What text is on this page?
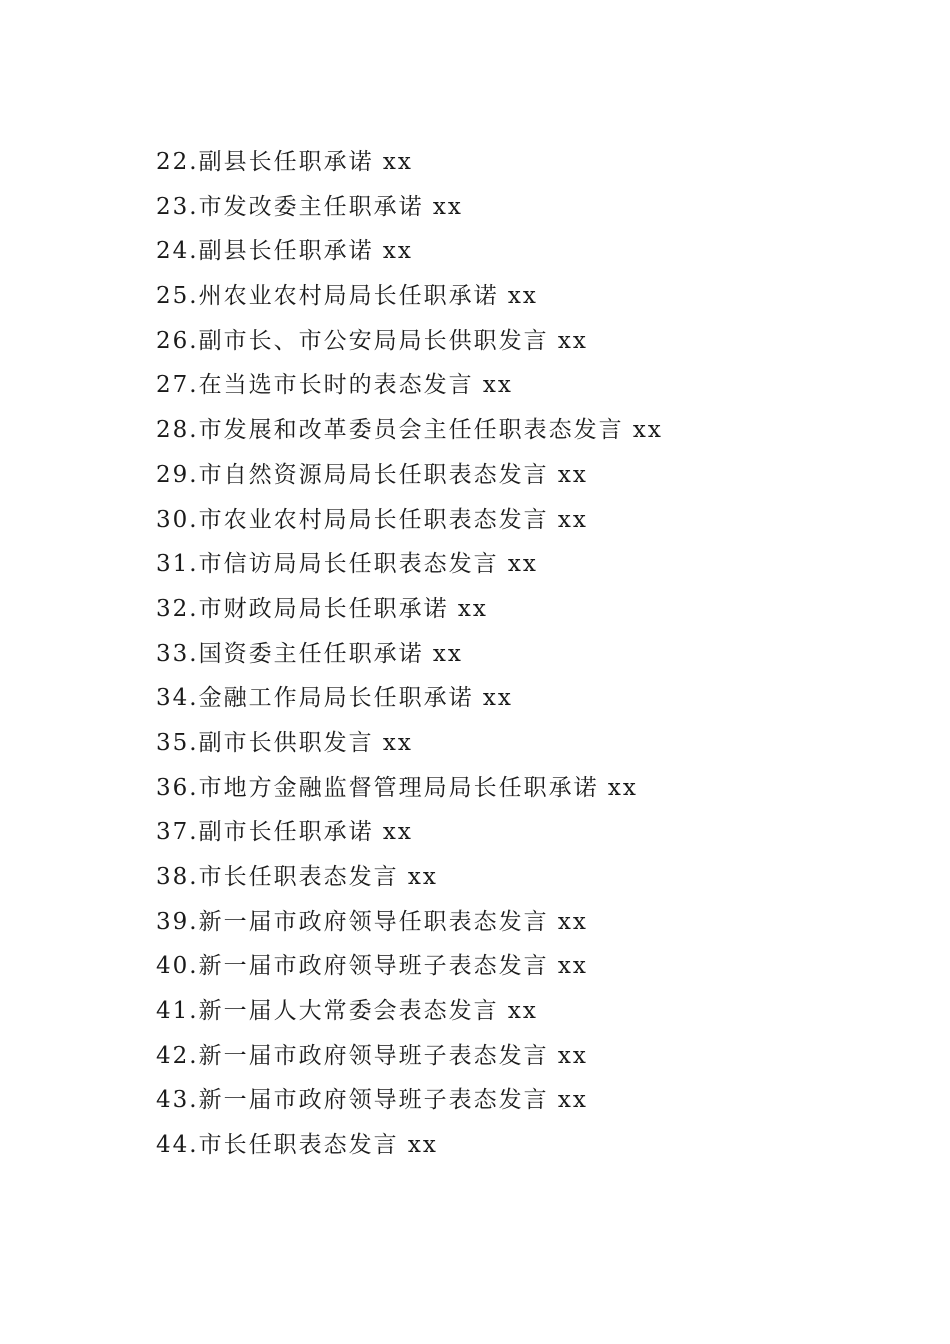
22.副县长任职承诺 xx
23.市发改委主任职承诺 xx
24.副县长任职承诺 xx
25.州农业农村局局长任职承诺 xx
26.副市长、市公安局局长供职发言 xx
27.在当选市长时的表态发言 xx
28.市发展和改革委员会主任任职表态发言 xx
29.市自然资源局局长任职表态发言 xx
30.市农业农村局局长任职表态发言 xx
31.市信访局局长任职表态发言 xx
32.市财政局局长任职承诺 xx
33.国资委主任任职承诺 xx
34.金融工作局局长任职承诺 xx
35.副市长供职发言 xx
36.市地方金融监督管理局局长任职承诺 xx
37.副市长任职承诺 xx
38.市长任职表态发言 xx
39.新一届市政府领导任职表态发言 xx
40.新一届市政府领导班子表态发言 xx
41.新一届人大常委会表态发言 xx
42.新一届市政府领导班子表态发言 xx
43.新一届市政府领导班子表态发言 xx
44.市长任职表态发言 xx
